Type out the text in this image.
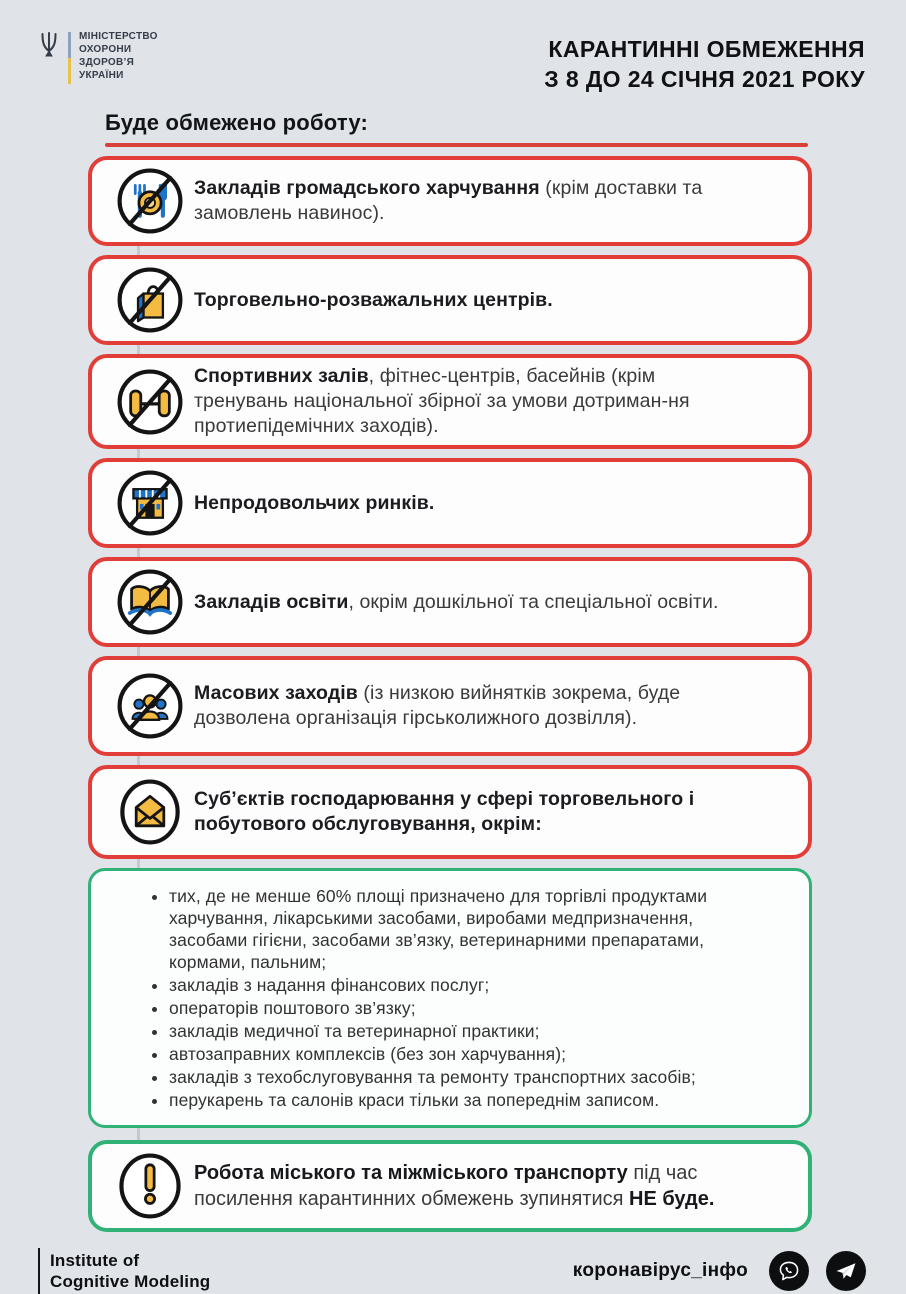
МІНІСТЕРСТВО
ОХОРОНИ
ЗДОРОВ’Я
УКРАЇНИ
КАРАНТИННІ ОБМЕЖЕННЯ
З 8 ДО 24 СІЧНЯ 2021 РОКУ
Буде обмежено роботу:
Закладів громадського харчування (крім доставки та замовлень навинос).
Торговельно-розважальних центрів.
Спортивних залів, фітнес-центрів, басейнів (крім тренувань національної збірної за умови дотриман-ня протиепідемічних заходів).
Непродовольчих ринків.
Закладів освіти, окрім дошкільної та спеціальної освіти.
Масових заходів (із низкою вийнятків зокрема, буде дозволена організація гірськолижного дозвілля).
Суб’єктів господарювання у сфері торговельного і побутового обслуговування, окрім:
• тих, де не менше 60% площі призначено для торгівлі продуктами харчування, лікарськими засобами, виробами медпризначення, засобами гігієни, засобами зв’язку, ветеринарними препаратами, кормами, пальним;
• закладів з надання фінансових послуг;
• операторів поштового зв’язку;
• закладів медичної та ветеринарної практики;
• автозаправних комплексів (без зон харчування);
• закладів з техобслуговування та ремонту транспортних засобів;
• перукарень та салонів краси тільки за попереднім записом.
Робота міського та міжміського транспорту під час посилення карантинних обмежень зупинятися НЕ буде.
Institute of
Cognitive Modeling
коронавірус_інфо
